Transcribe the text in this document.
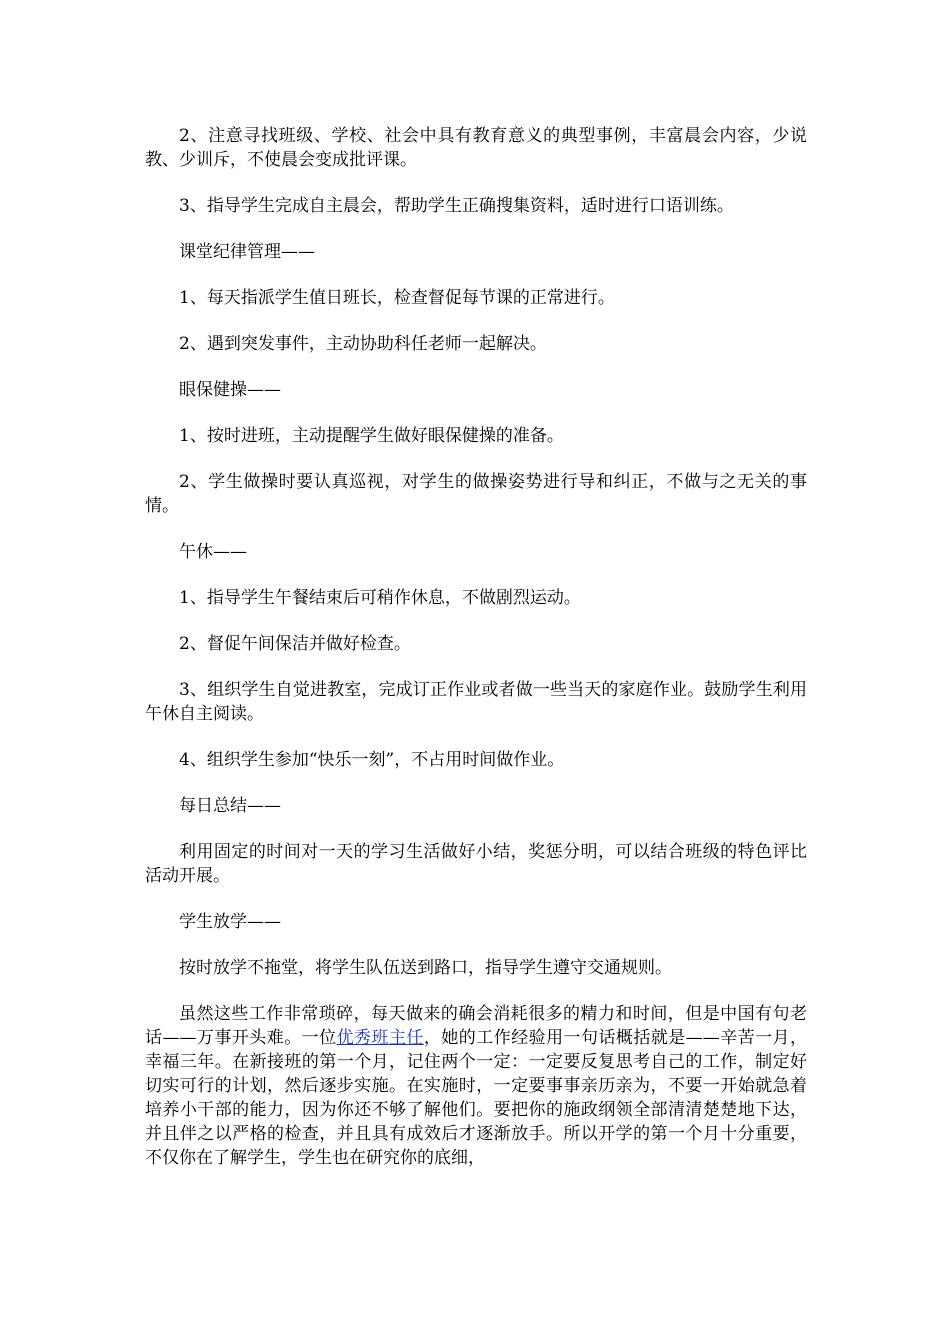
2、注意寻找班级、学校、社会中具有教育意义的典型事例，丰富晨会内容，少说教、少训斥，不使晨会变成批评课。

3、指导学生完成自主晨会，帮助学生正确搜集资料，适时进行口语训练。

课堂纪律管理——

1、每天指派学生值日班长，检查督促每节课的正常进行。

2、遇到突发事件，主动协助科任老师一起解决。

眼保健操——

1、按时进班，主动提醒学生做好眼保健操的准备。

2、学生做操时要认真巡视，对学生的做操姿势进行导和纠正，不做与之无关的事情。

午休——

1、指导学生午餐结束后可稍作休息，不做剧烈运动。

2、督促午间保洁并做好检查。

3、组织学生自觉进教室，完成订正作业或者做一些当天的家庭作业。鼓励学生利用午休自主阅读。

4、组织学生参加“快乐一刻”，不占用时间做作业。

每日总结——

利用固定的时间对一天的学习生活做好小结，奖惩分明，可以结合班级的特色评比活动开展。

学生放学——

按时放学不拖堂，将学生队伍送到路口，指导学生遵守交通规则。

虽然这些工作非常琐碎，每天做来的确会消耗很多的精力和时间，但是中国有句老话——万事开头难。一位优秀班主任，她的工作经验用一句话概括就是——辛苦一月，幸福三年。在新接班的第一个月，记住两个一定：一定要反复思考自己的工作，制定好切实可行的计划，然后逐步实施。在实施时，一定要事事亲历亲为，不要一开始就急着培养小干部的能力，因为你还不够了解他们。要把你的施政纲领全部清清楚楚地下达，并且伴之以严格的检查，并且具有成效后才逐渐放手。所以开学的第一个月十分重要，不仅你在了解学生，学生也在研究你的底细，
